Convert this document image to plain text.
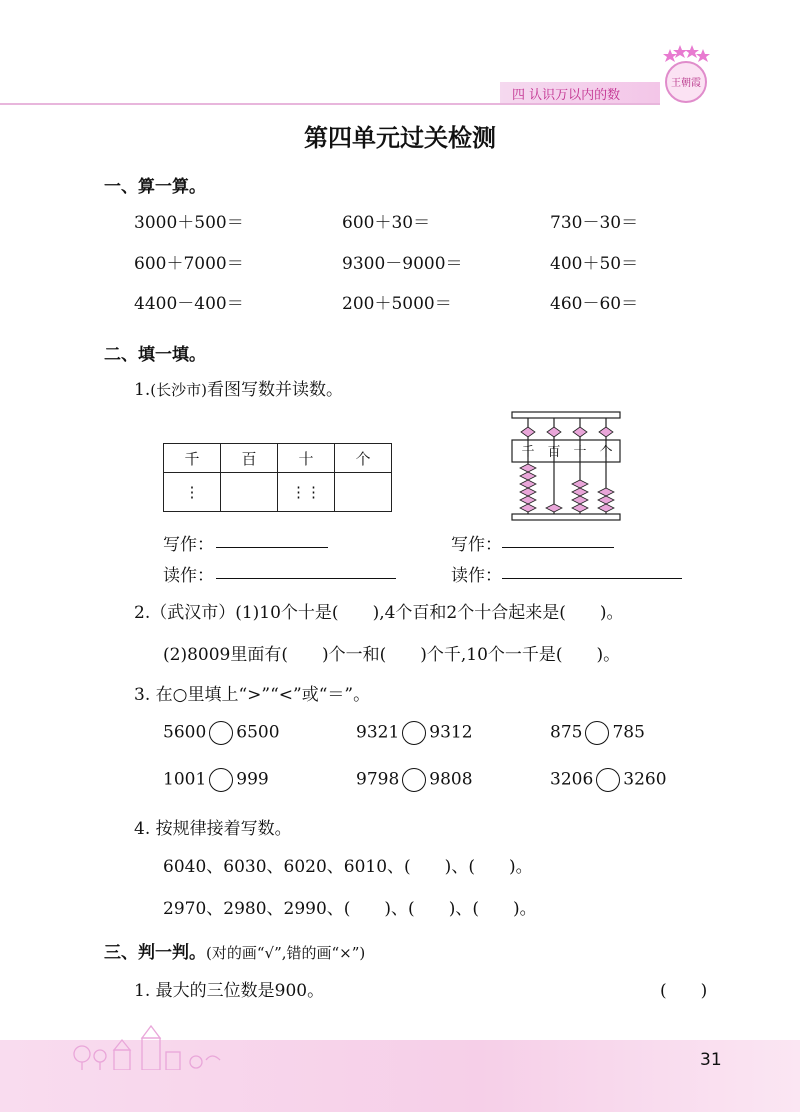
四 认识万以内的数
王朝霞
第四单元过关检测
一、算一算。
3000＋500＝	600＋30＝	730－30＝
600＋7000＝	9300－9000＝	400＋50＝
4400－400＝	200＋5000＝	460－60＝
二、填一填。
1.(长沙市)看图写数并读数。
千	百	十	个
⋮		⋮⋮	
千 百 十 个
写作：
读作：
写作：
读作：
2.（武汉市）(1)10个十是(　　),4个百和2个十合起来是(　　)。
(2)8009里面有(　　)个一和(　　)个千,10个一千是(　　)。
3. 在○里填上“>”“<”或“＝”。
5600 6500	9321 9312	875 785
1001 999	9798 9808	3206 3260
4. 按规律接着写数。
6040、6030、6020、6010、(　　)、(　　)。
2970、2980、2990、(　　)、(　　)、(　　)。
三、判一判。(对的画“√”,错的画“×”)
1. 最大的三位数是900。	(　　)
31
